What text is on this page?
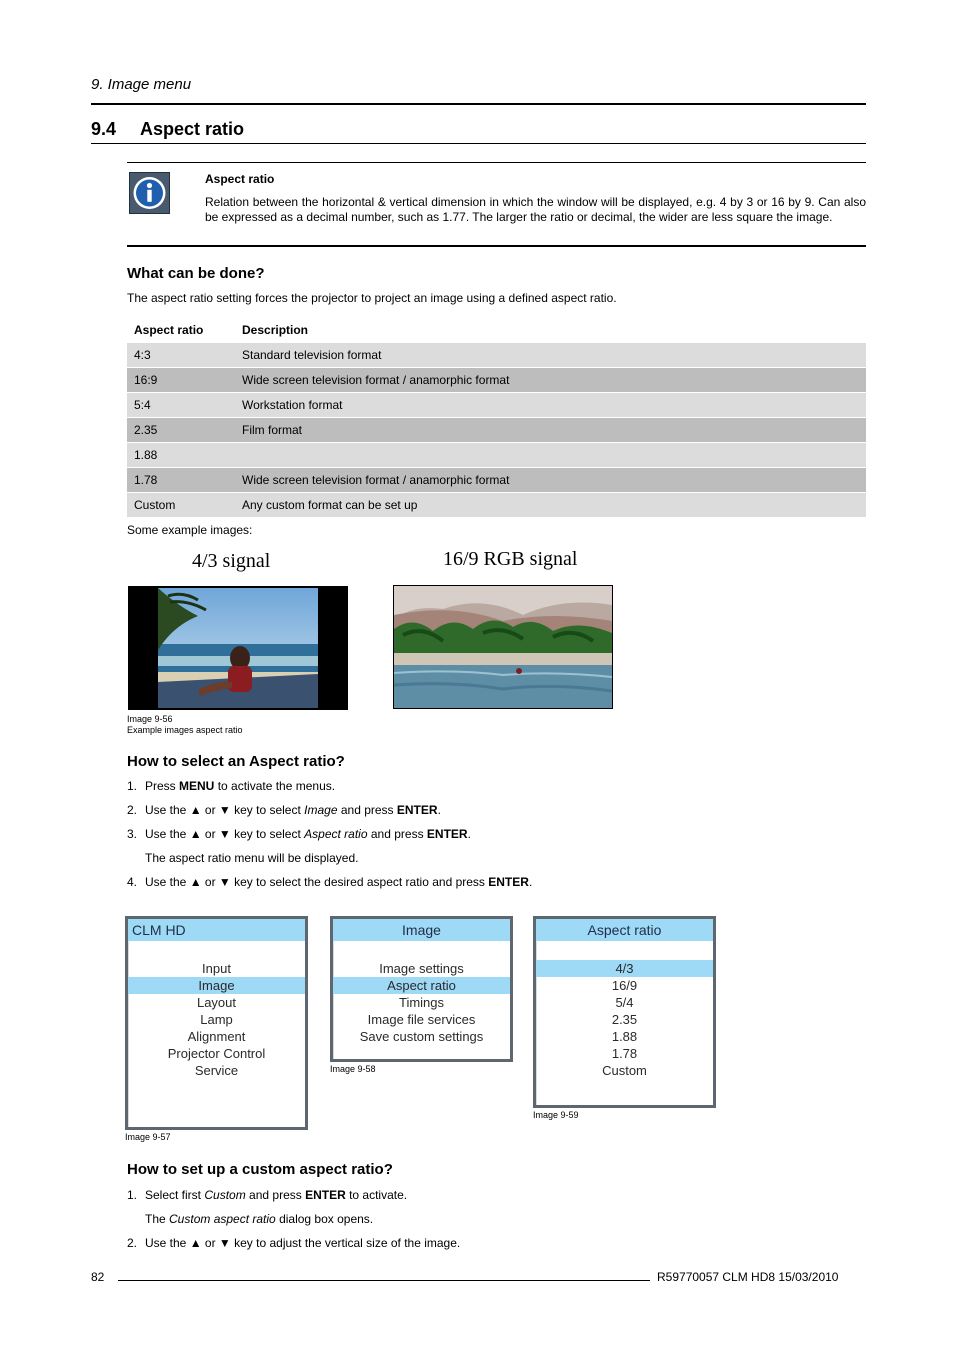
9. Image menu
9.4 Aspect ratio
Aspect ratio
Relation between the horizontal & vertical dimension in which the window will be displayed, e.g. 4 by 3 or 16 by 9. Can also be expressed as a decimal number, such as 1.77. The larger the ratio or decimal, the wider are less square the image.
What can be done?
The aspect ratio setting forces the projector to project an image using a defined aspect ratio.
Aspect ratio	Description
4:3	Standard television format
16:9	Wide screen television format / anamorphic format
5:4	Workstation format
2.35	Film format
1.88	
1.78	Wide screen television format / anamorphic format
Custom	Any custom format can be set up
Some example images:
4/3 signal	16/9 RGB signal
Image 9-56
Example images aspect ratio
How to select an Aspect ratio?
1. Press MENU to activate the menus.
2. Use the ▲ or ▼ key to select Image and press ENTER.
3. Use the ▲ or ▼ key to select Aspect ratio and press ENTER.
The aspect ratio menu will be displayed.
4. Use the ▲ or ▼ key to select the desired aspect ratio and press ENTER.
CLM HD
Input
Image
Layout
Lamp
Alignment
Projector Control
Service
Image 9-57
Image
Image settings
Aspect ratio
Timings
Image file services
Save custom settings
Image 9-58
Aspect ratio
4/3
16/9
5/4
2.35
1.88
1.78
Custom
Image 9-59
How to set up a custom aspect ratio?
1. Select first Custom and press ENTER to activate.
The Custom aspect ratio dialog box opens.
2. Use the ▲ or ▼ key to adjust the vertical size of the image.
82	R59770057 CLM HD8 15/03/2010
